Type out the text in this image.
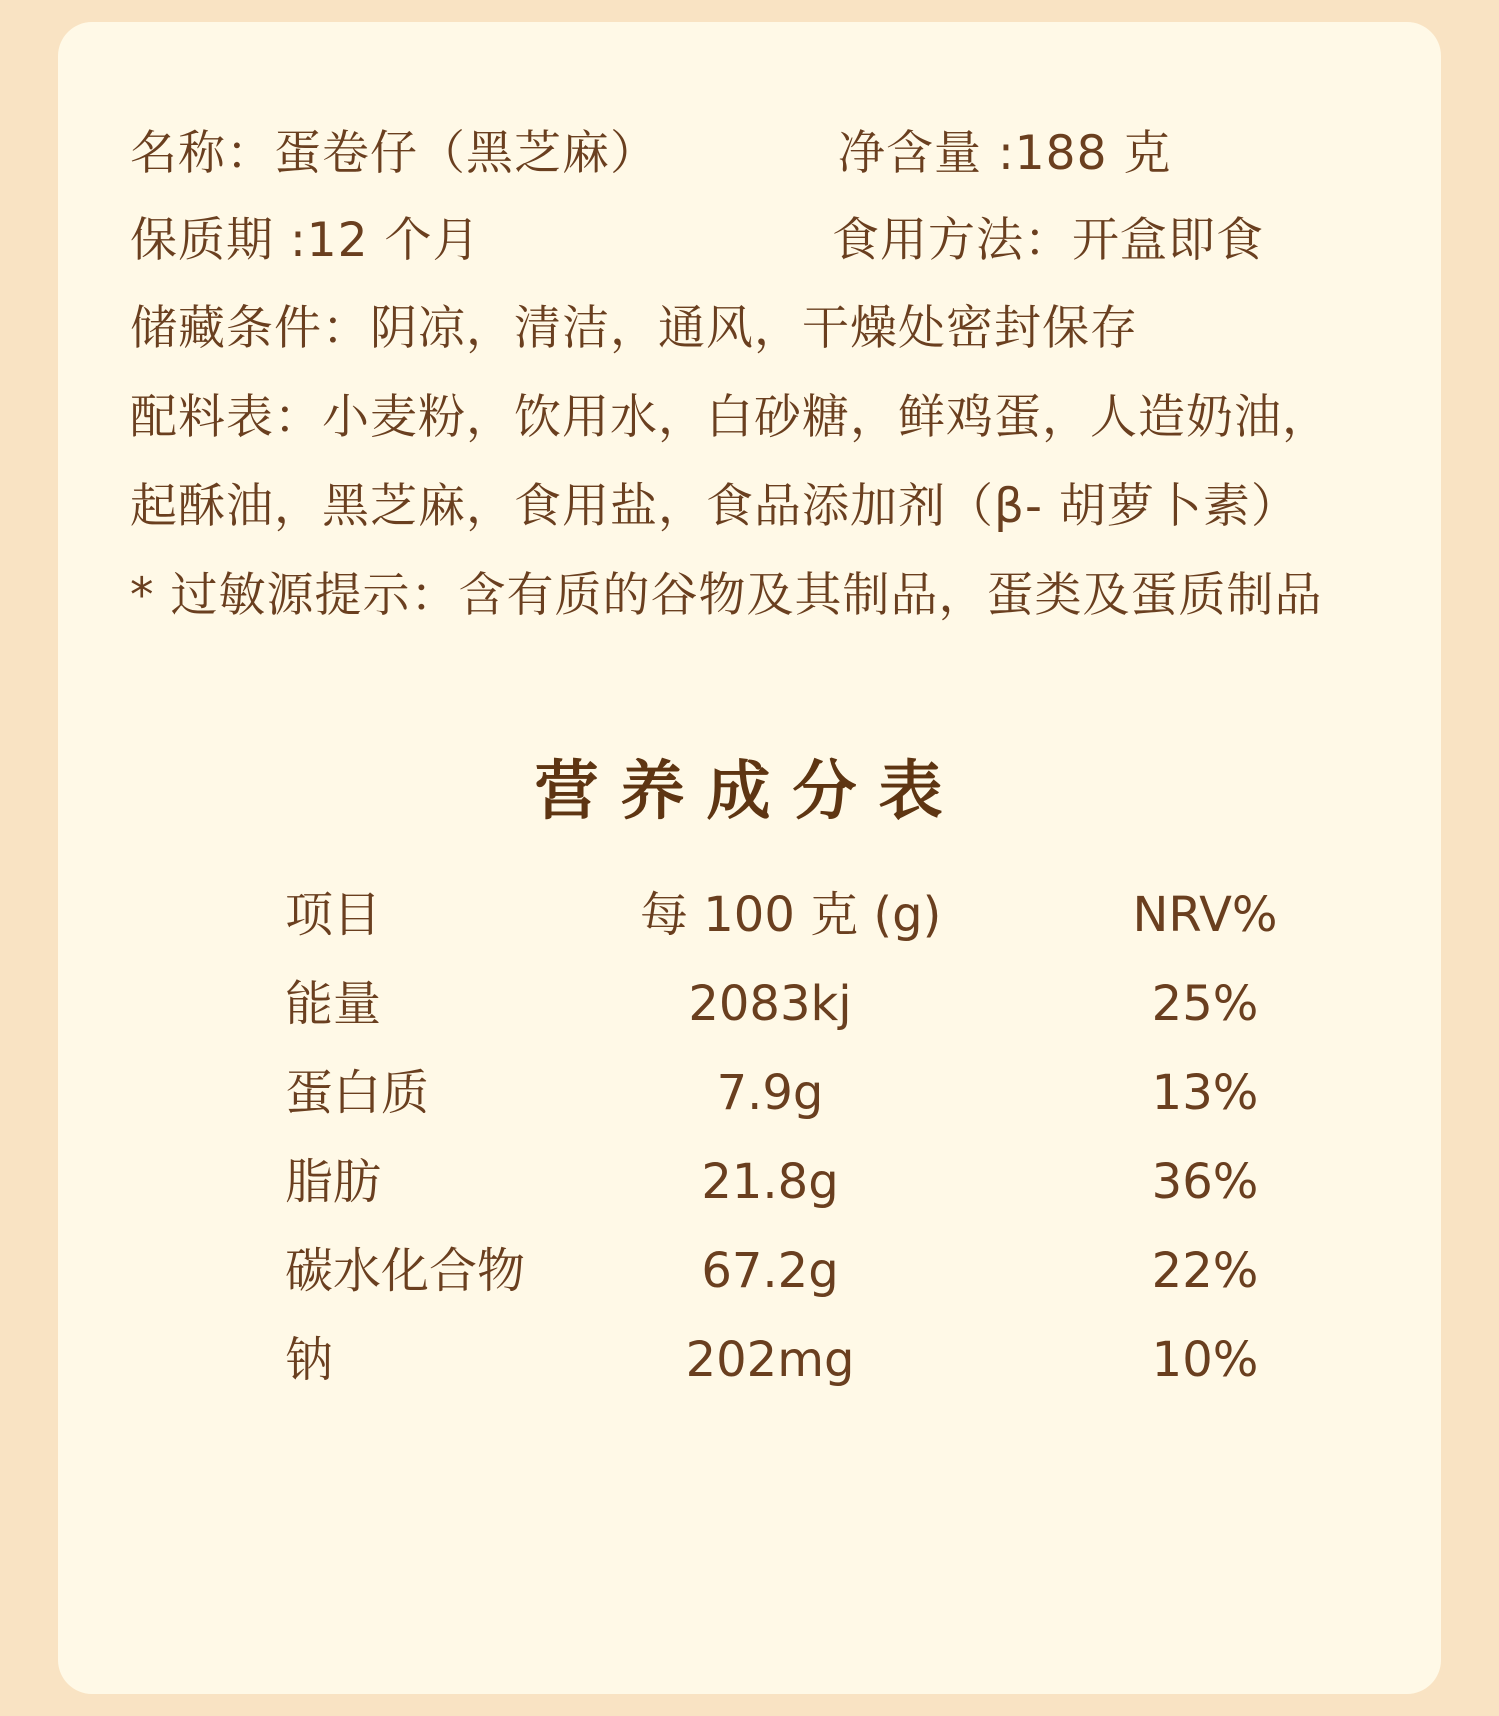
名称：蛋卷仔（黑芝麻）	净含量 :188 克
保质期 :12 个月	食用方法：开盒即食
储藏条件：阴凉，清洁，通风，干燥处密封保存
配料表：小麦粉，饮用水，白砂糖，鲜鸡蛋，人造奶油，
起酥油，黑芝麻，食用盐，食品添加剂（β- 胡萝卜素）
* 过敏源提示：含有质的谷物及其制品，蛋类及蛋质制品
营养成分表
项目	每 100 克 (g)	NRV%
能量	2083kj	25%
蛋白质	7.9g	13%
脂肪	21.8g	36%
碳水化合物	67.2g	22%
钠	202mg	10%
